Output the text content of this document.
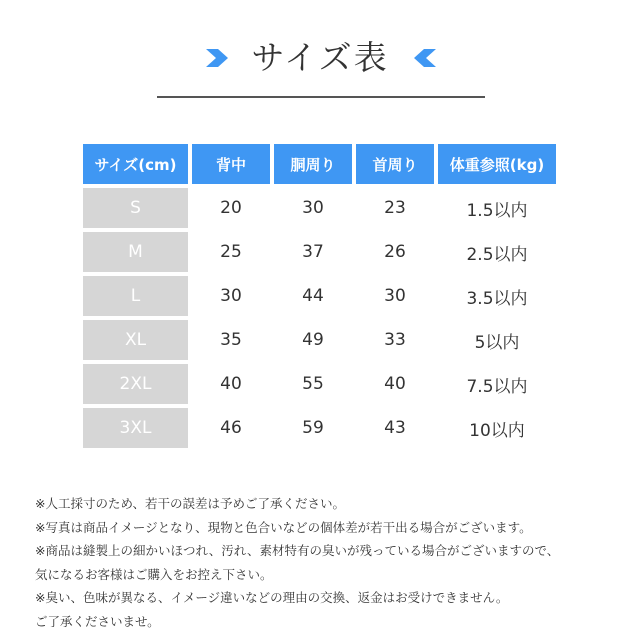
サイズ表
サイズ(cm)	背中	胴周り	首周り	体重参照(kg)
S	20	30	23	1.5以内
M	25	37	26	2.5以内
L	30	44	30	3.5以内
XL	35	49	33	5以内
2XL	40	55	40	7.5以内
3XL	46	59	43	10以内

※人工採寸のため、若干の誤差は予めご了承ください。

※写真は商品イメージとなり、現物と色合いなどの個体差が若干出る場合がございます。

※商品は縫製上の細かいほつれ、汚れ、素材特有の臭いが残っている場合がございますので、

気になるお客様はご購入をお控え下さい。

※臭い、色味が異なる、イメージ違いなどの理由の交換、返金はお受けできません。

ご了承くださいませ。
